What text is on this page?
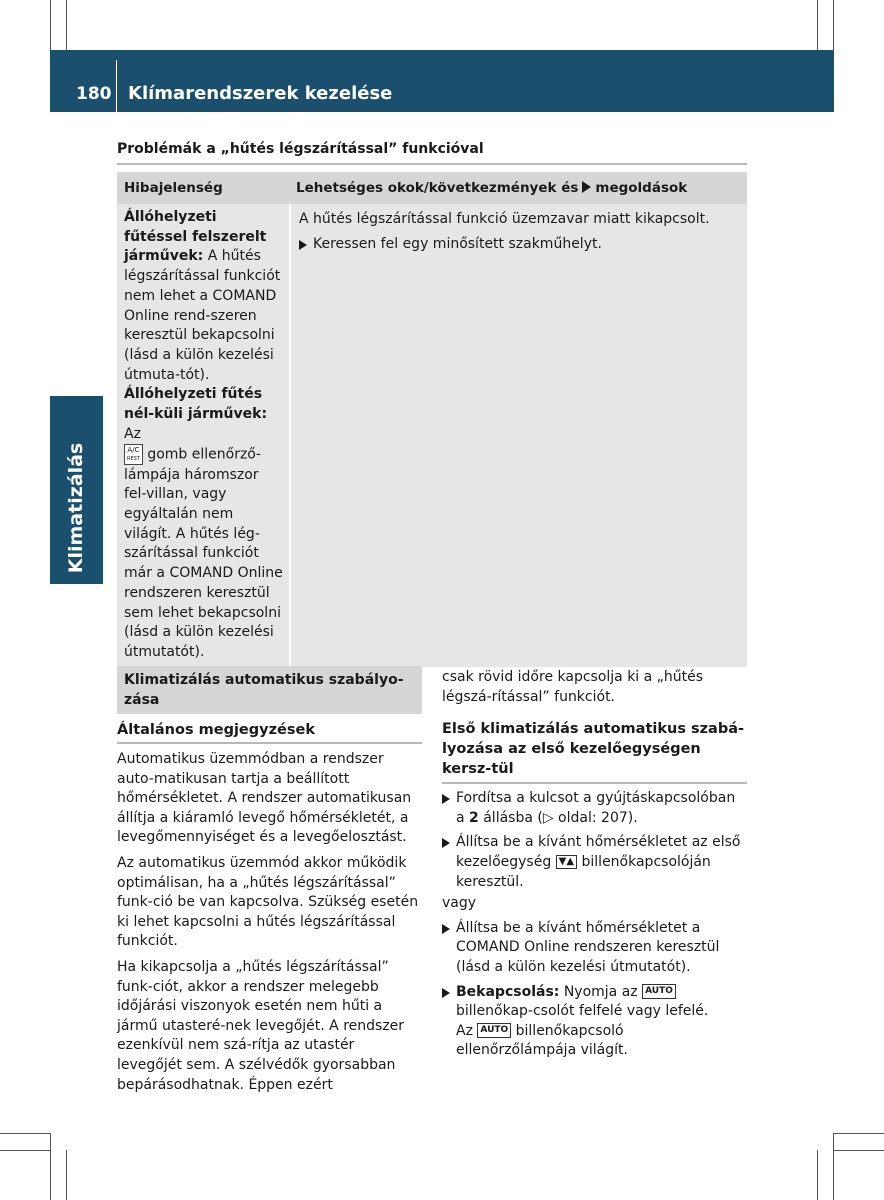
180 Klímarendszerek kezelése
Klimatizálás
Problémák a „hűtés légszárítással” funkcióval
Hibajelenség	Lehetséges okok/következmények és megoldások

Állóhelyzeti fűtéssel felszerelt járművek: A hűtés légszárítással funkciót nem lehet a COMAND Online rend-szeren keresztül bekapcsolni (lásd a külön kezelési útmuta-tót).

Állóhelyzeti fűtés nél-küli járművek: Az
A/C
REST gomb ellenőrző-lámpája háromszor fel-villan, vagy egyáltalán nem világít. A hűtés lég-szárítással funkciót már a COMAND Online rendszeren keresztül sem lehet bekapcsolni (lásd a külön kezelési útmutatót).

A hűtés légszárítással funkció üzemzavar miatt kikapcsolt.

Keressen fel egy minősített szakműhelyt.
Klimatizálás automatikus szabályo-zása
Általános megjegyzések

Automatikus üzemmódban a rendszer auto-matikusan tartja a beállított hőmérsékletet. A rendszer automatikusan állítja a kiáramló levegő hőmérsékletét, a levegőmennyiséget és a levegőelosztást.

Az automatikus üzemmód akkor működik optimálisan, ha a „hűtés légszárítással” funk-ció be van kapcsolva. Szükség esetén ki lehet kapcsolni a hűtés légszárítással funkciót.

Ha kikapcsolja a „hűtés légszárítással” funk-ciót, akkor a rendszer melegebb időjárási viszonyok esetén nem hűti a jármű utasteré-nek levegőjét. A rendszer ezenkívül nem szá-rítja az utastér levegőjét sem. A szélvédők gyorsabban bepárásodhatnak. Éppen ezért

csak rövid időre kapcsolja ki a „hűtés légszá-rítással” funkciót.
Első klimatizálás automatikus szabá-lyozása az első kezelőegységen kersz-tül
Fordítsa a kulcsot a gyújtáskapcsolóban a 2 állásba (▷ oldal: 207).
Állítsa be a kívánt hőmérsékletet az első kezelőegység ▼▲ billenőkapcsolóján keresztül.
vagy
Állítsa be a kívánt hőmérsékletet a COMAND Online rendszeren keresztül (lásd a külön kezelési útmutatót).
Bekapcsolás: Nyomja az AUTO billenőkap-csolót felfelé vagy lefelé.
Az AUTO billenőkapcsoló ellenőrzőlámpája világít.
